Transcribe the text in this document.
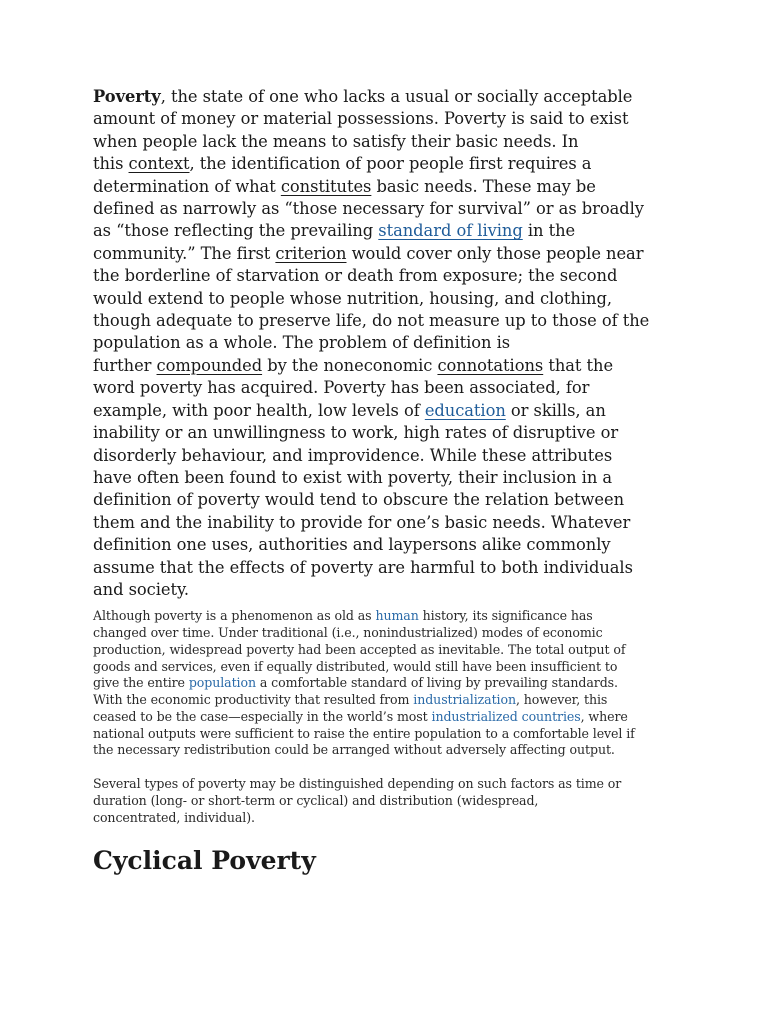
Poverty, the state of one who lacks a usual or socially acceptable
amount of money or material possessions. Poverty is said to exist
when people lack the means to satisfy their basic needs. In
this context, the identification of poor people first requires a
determination of what constitutes basic needs. These may be
defined as narrowly as “those necessary for survival” or as broadly
as “those reflecting the prevailing standard of living in the
community.” The first criterion would cover only those people near
the borderline of starvation or death from exposure; the second
would extend to people whose nutrition, housing, and clothing,
though adequate to preserve life, do not measure up to those of the
population as a whole. The problem of definition is
further compounded by the noneconomic connotations that the
word poverty has acquired. Poverty has been associated, for
example, with poor health, low levels of education or skills, an
inability or an unwillingness to work, high rates of disruptive or
disorderly behaviour, and improvidence. While these attributes
have often been found to exist with poverty, their inclusion in a
definition of poverty would tend to obscure the relation between
them and the inability to provide for one’s basic needs. Whatever
definition one uses, authorities and laypersons alike commonly
assume that the effects of poverty are harmful to both individuals
and society.

Although poverty is a phenomenon as old as human history, its significance has
changed over time. Under traditional (i.e., nonindustrialized) modes of economic
production, widespread poverty had been accepted as inevitable. The total output of
goods and services, even if equally distributed, would still have been insufficient to
give the entire population a comfortable standard of living by prevailing standards.
With the economic productivity that resulted from industrialization, however, this
ceased to be the case—especially in the world’s most industrialized countries, where
national outputs were sufficient to raise the entire population to a comfortable level if
the necessary redistribution could be arranged without adversely affecting output.

Several types of poverty may be distinguished depending on such factors as time or
duration (long- or short-term or cyclical) and distribution (widespread,
concentrated, individual).

Cyclical Poverty
